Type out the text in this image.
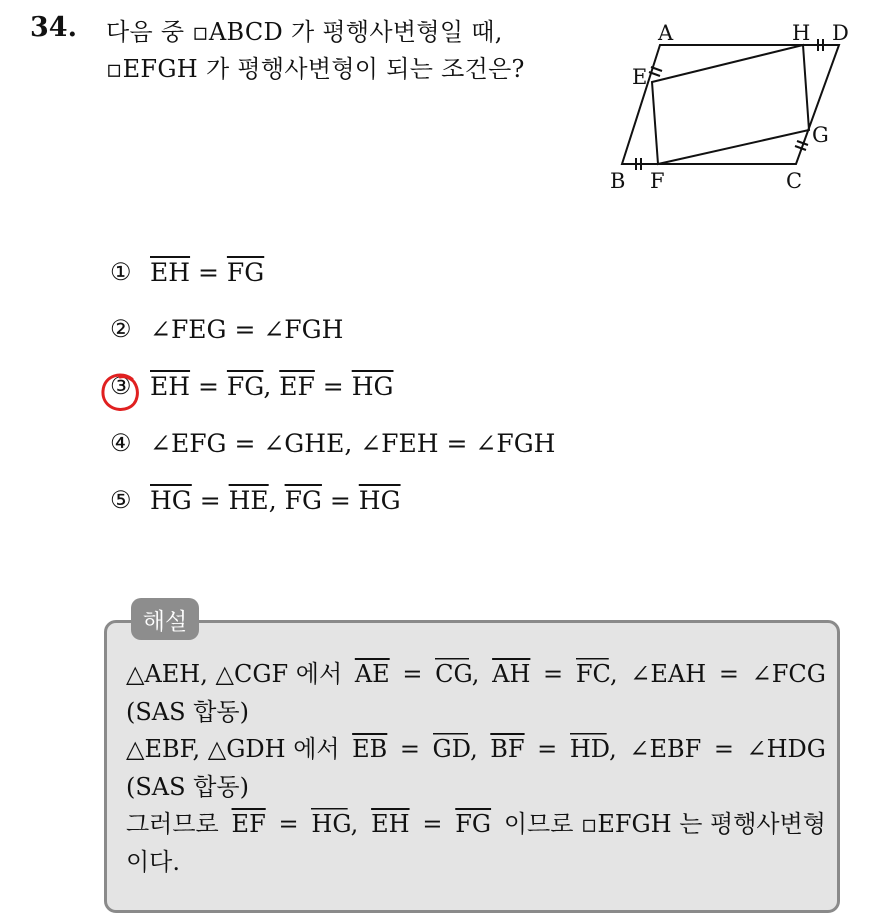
34. 다음 중 ▫ABCD 가 평행사변형일 때,
▫EFGH 가 평행사변형이 되는 조건은?
A	H D
E
G
B F	C
① $\overline{EH} = \overline{FG}$
② ∠FEG = ∠FGH
③ $\overline{EH} = \overline{FG}$, $\overline{EF} = \overline{HG}$
④ ∠EFG = ∠GHE, ∠FEH = ∠FGH
⑤ $\overline{HG} = \overline{HE}$, $\overline{FG} = \overline{HG}$
해설
△AEH, △CGF 에서 $\overline{AE}$ = CG, $\overline{AH}$ = FC, ∠EAH = ∠FCG
(SAS 합동)
△EBF, △GDH 에서 $\overline{EB}$ = GD, $\overline{BF}$ = HD, ∠EBF = ∠HDG
(SAS 합동)
그러므로 $\overline{EF}$ = HG, $\overline{EH} = \overline{FG}$ 이므로 ▫EFGH 는 평행사변형
이다.
